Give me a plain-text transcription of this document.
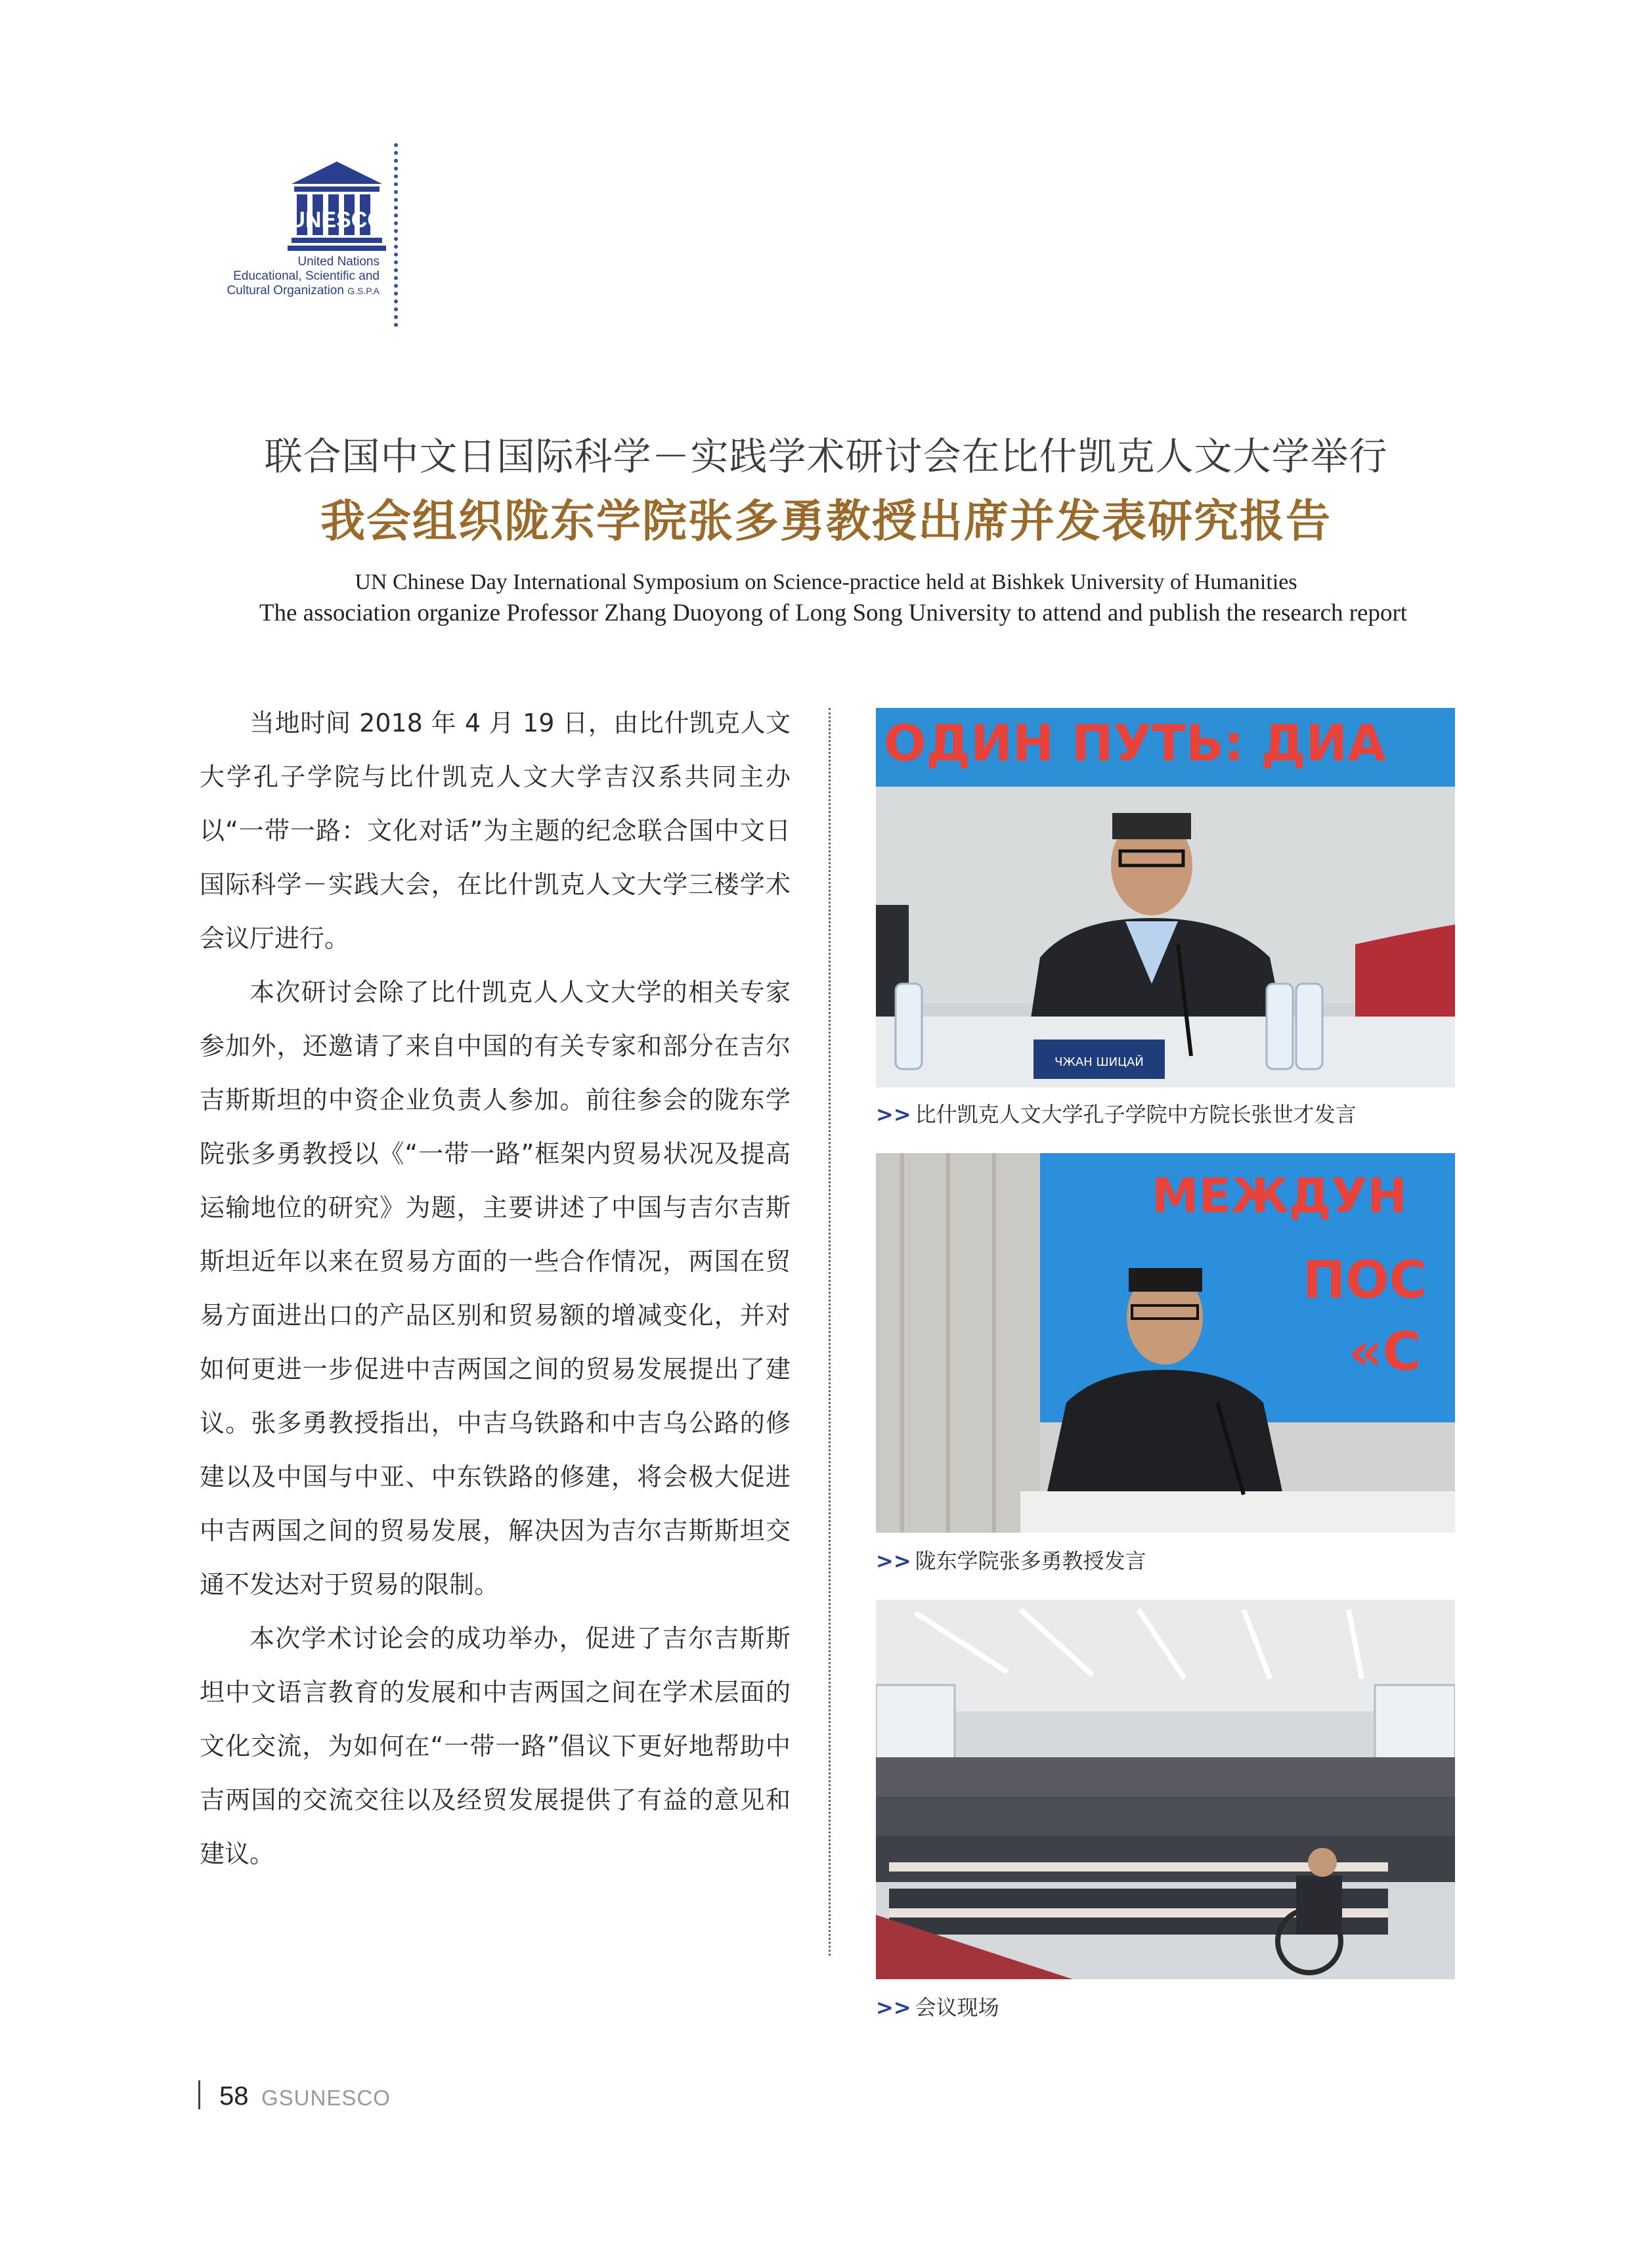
UNESCO
United Nations
Educational, Scientific and
Cultural Organization G.S.P.A
联合国中文日国际科学－实践学术研讨会在比什凯克人文大学举行
我会组织陇东学院张多勇教授出席并发表研究报告
UN Chinese Day International Symposium on Science-practice held at Bishkek University of Humanities
The association organize Professor Zhang Duoyong of Long Song University to attend and publish the research report

当地时间 2018 年 4 月 19 日，由比什凯克人文大学孔子学院与比什凯克人文大学吉汉系共同主办以“一带一路：文化对话”为主题的纪念联合国中文日国际科学－实践大会，在比什凯克人文大学三楼学术会议厅进行。

本次研讨会除了比什凯克人人文大学的相关专家参加外，还邀请了来自中国的有关专家和部分在吉尔吉斯斯坦的中资企业负责人参加。前往参会的陇东学院张多勇教授以《“一带一路”框架内贸易状况及提高运输地位的研究》为题，主要讲述了中国与吉尔吉斯斯坦近年以来在贸易方面的一些合作情况，两国在贸易方面进出口的产品区别和贸易额的增减变化，并对如何更进一步促进中吉两国之间的贸易发展提出了建议。张多勇教授指出，中吉乌铁路和中吉乌公路的修建以及中国与中亚、中东铁路的修建，将会极大促进中吉两国之间的贸易发展，解决因为吉尔吉斯斯坦交通不发达对于贸易的限制。

本次学术讨论会的成功举办，促进了吉尔吉斯斯坦中文语言教育的发展和中吉两国之间在学术层面的文化交流，为如何在“一带一路”倡议下更好地帮助中吉两国的交流交往以及经贸发展提供了有益的意见和建议。

ОДИН ПУТЬ: ДИА
ЧЖАН ШИЦАЙ
>> 比什凯克人文大学孔子学院中方院长张世才发言
МЕЖДУН
ПОС
«С
>> 陇东学院张多勇教授发言
>> 会议现场
58 GSUNESCO
